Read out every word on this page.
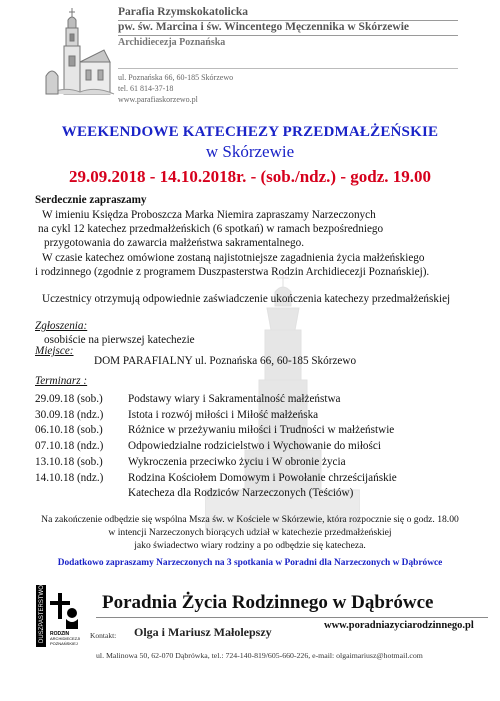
Parafia Rzymskokatolicka
pw. św. Marcina i św. Wincentego Męczennika w Skórzewie
Archidiecezja Poznańska
ul. Poznańska 66, 60-185 Skórzewo
tel. 61 814-37-18
www.parafiaskorzewo.pl
WEEKENDOWE KATECHEZY PRZEDMAŁŻEŃSKIE
w Skórzewie
29.09.2018 - 14.10.2018r. - (sob./ndz.) - godz. 19.00
Serdecznie zapraszamy
W imieniu Księdza Proboszcza Marka Niemira zapraszamy Narzeczonych
na cykl 12 katechez przedmałżeńskich (6 spotkań) w ramach bezpośredniego
przygotowania do zawarcia małżeństwa sakramentalnego.
W czasie katechez omówione zostaną najistotniejsze zagadnienia życia małżeńskiego
i rodzinnego (zgodnie z programem Duszpasterstwa Rodzin Archidiecezji Poznańskiej).
Uczestnicy otrzymują odpowiednie zaświadczenie ukończenia katechezy przedmałżeńskiej
Zgłoszenia:
osobiście na pierwszej katechezie
Miejsce:
DOM PARAFIALNY ul. Poznańska 66, 60-185 Skórzewo
Terminarz :
29.09.18 (sob.) Podstawy wiary i Sakramentalność małżeństwa
30.09.18 (ndz.) Istota i rozwój miłości i Miłość małżeńska
06.10.18 (sob.) Różnice w przeżywaniu miłości i Trudności w małżeństwie
07.10.18 (ndz.) Odpowiedzialne rodzicielstwo i Wychowanie do miłości
13.10.18 (sob.) Wykroczenia przeciwko życiu i W obronie życia
14.10.18 (ndz.) Rodzina Kościołem Domowym i Powołanie chrześcijańskie
Katecheza dla Rodziców Narzeczonych (Teściów)
Na zakończenie odbędzie się wspólna Msza św. w Kościele w Skórzewie, która rozpocznie się o godz. 18.00
w intencji Narzeczonych biorących udział w katechezie przedmałżeńskiej
jako świadectwo wiary rodziny a po odbędzie się katecheza.
Dodatkowo zapraszamy Narzeczonych na 3 spotkania w Poradni dla Narzeczonych w Dąbrówce
DUSZPASTERSTWO RODZIN
ARCHIDIECEZJI
POZNAŃSKIEJ
Poradnia Życia Rodzinnego w Dąbrówce
www.poradniazyciarodzinnego.pl
Kontakt: Olga i Mariusz Małolepszy
ul. Malinowa 50, 62-070 Dąbrówka, tel.: 724-140-819/605-660-226, e-mail: olgaimariusz@hotmail.com
